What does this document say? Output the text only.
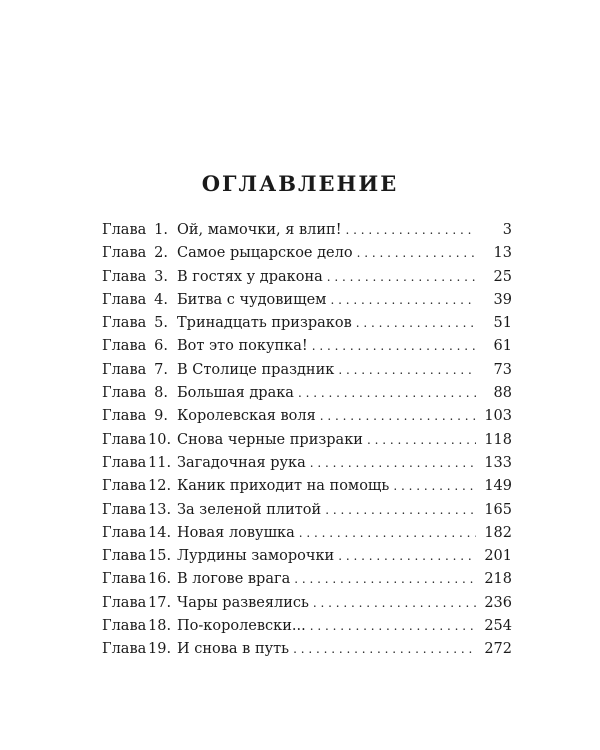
ОГЛАВЛЕНИЕ
Глава 1. Ой, мамочки, я влип! . . .	3
Глава 2. Самое рыцарское дело . . .	13
Глава 3. В гостях у дракона . . .	25
Глава 4. Битва с чудовищем . . .	39
Глава 5. Тринадцать призраков . . .	51
Глава 6. Вот это покупка! . . .	61
Глава 7. В Столице праздник . . .	73
Глава 8. Большая драка . . .	88
Глава 9. Королевская воля . . .	103
Глава 10. Снова черные призраки . . .	118
Глава 11. Загадочная рука . . .	133
Глава 12. Каник приходит на помощь . . .	149
Глава 13. За зеленой плитой . . .	165
Глава 14. Новая ловушка . . .	182
Глава 15. Лурдины заморочки . . .	201
Глава 16. В логове врага . . .	218
Глава 17. Чары развеялись . . .	236
Глава 18. По-королевски... . . .	254
Глава 19. И снова в путь . . .	272
